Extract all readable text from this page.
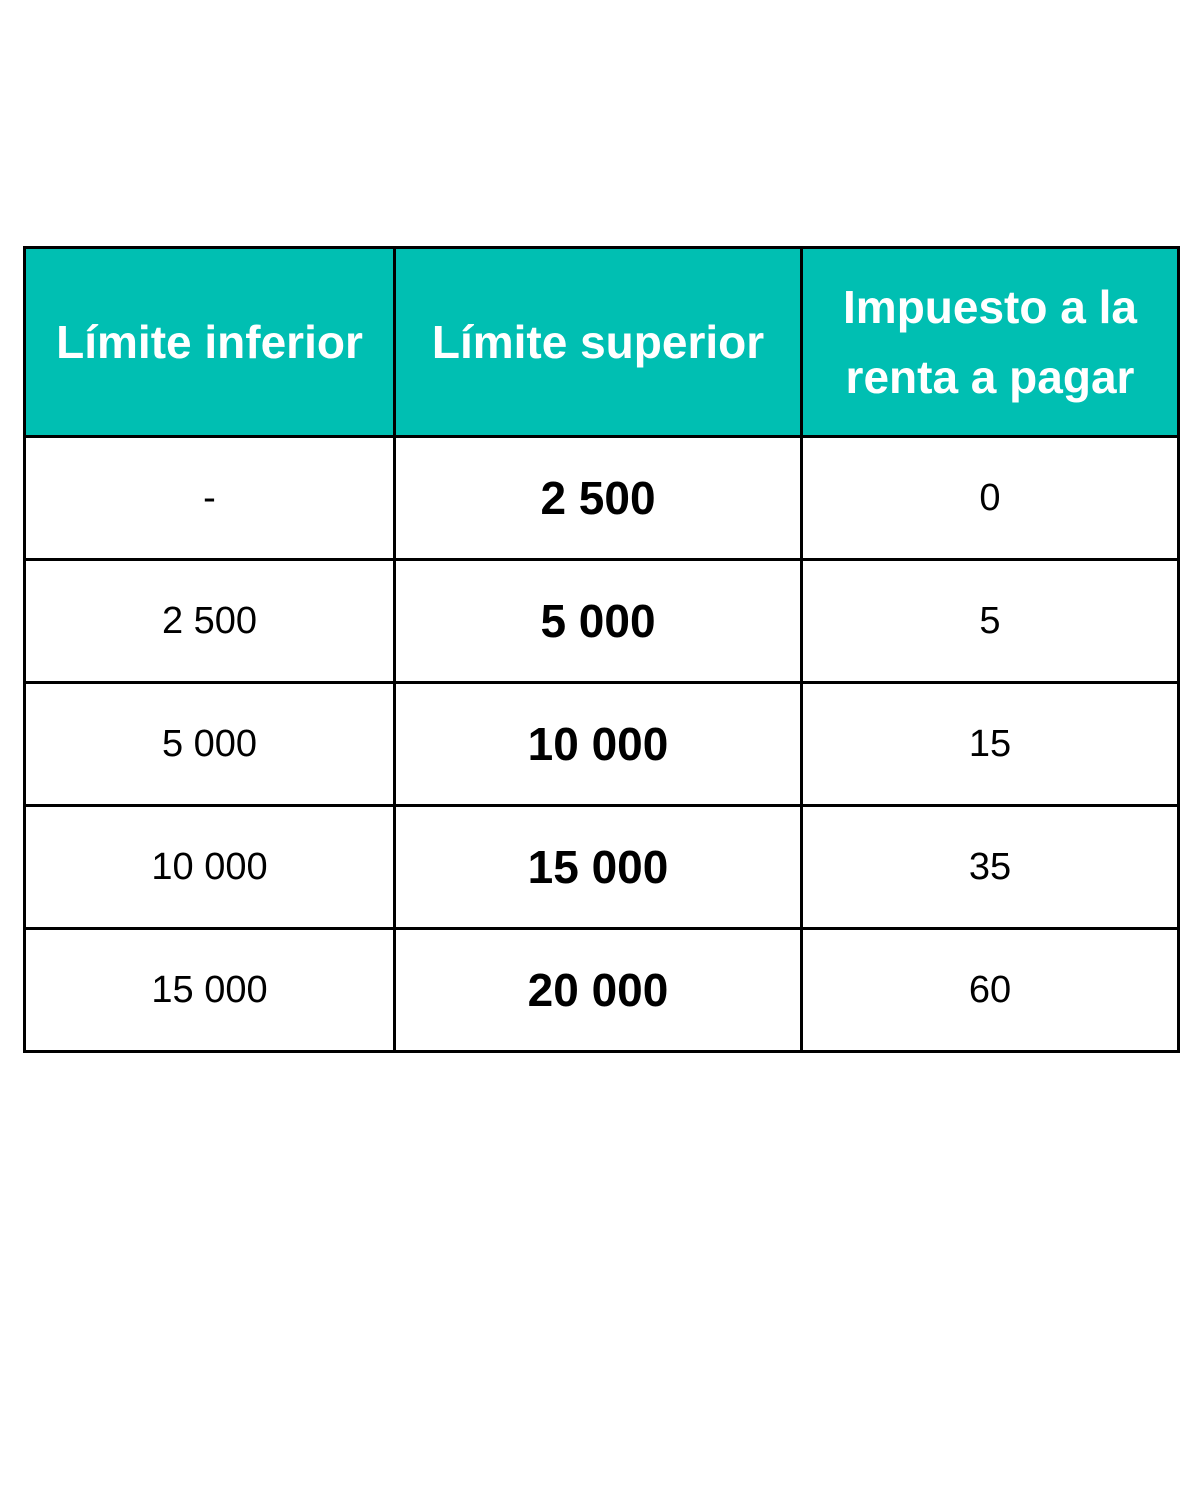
Límite inferior	Límite superior	Impuesto a la renta a pagar
-	2 500	0
2 500	5 000	5
5 000	10 000	15
10 000	15 000	35
15 000	20 000	60
